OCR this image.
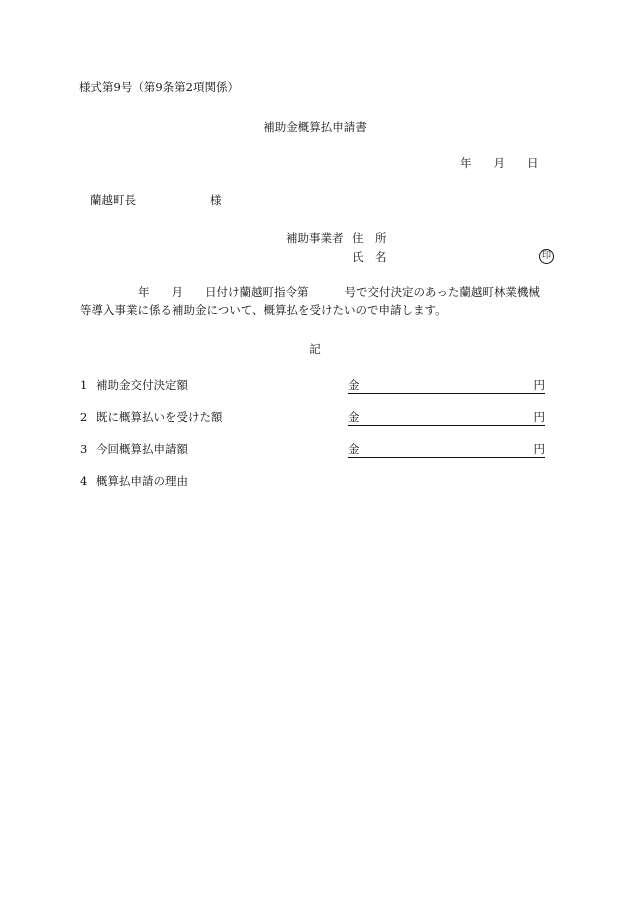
様式第9号（第9条第2項関係）
補助金概算払申請書
年 月 日
蘭越町長	様
補助事業者 住　所
氏　名	印
年 月 日付け蘭越町指令第	号で交付決定のあった蘭越町林業機械
等導入事業に係る補助金について、概算払を受けたいので申請します。
記
1 補助金交付決定額	金	円
2 既に概算払いを受けた額	金	円
3 今回概算払申請額	金	円
4 概算払申請の理由
